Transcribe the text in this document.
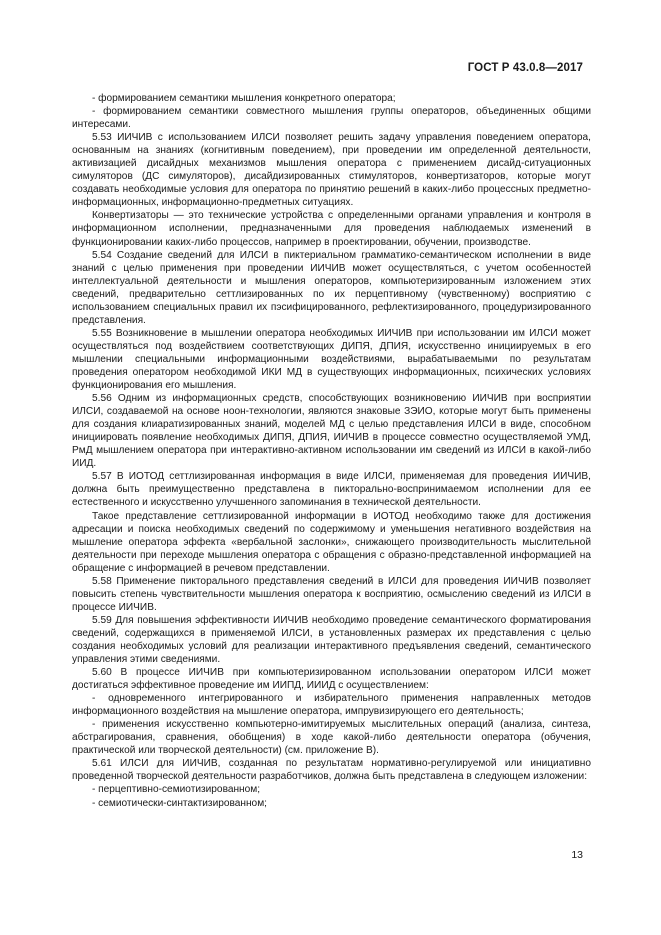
ГОСТ Р 43.0.8—2017

- формированием семантики мышления конкретного оператора;

- формированием семантики совместного мышления группы операторов, объединенных общими интересами.

5.53 ИИЧИВ с использованием ИЛСИ позволяет решить задачу управления поведением оператора, основанным на знаниях (когнитивным поведением), при проведении им определенной деятельности, активизацией дисайдных механизмов мышления оператора с применением дисайд-ситуационных симуляторов (ДС симуляторов), дисайдизированных стимуляторов, конвертизаторов, которые могут создавать необходимые условия для оператора по принятию решений в каких-либо процессных предметно-информационных, информационно-предметных ситуациях.

Конвертизаторы — это технические устройства с определенными органами управления и контроля в информационном исполнении, предназначенными для проведения наблюдаемых изменений в функционировании каких-либо процессов, например в проектировании, обучении, производстве.

5.54 Создание сведений для ИЛСИ в пиктериальном грамматико-семантическом исполнении в виде знаний с целью применения при проведении ИИЧИВ может осуществляться, с учетом особенностей интеллектуальной деятельности и мышления операторов, компьютеризированным изложением этих сведений, предварительно сеттлизированных по их перцептивному (чувственному) восприятию с использованием специальных правил их пэсифицированного, рефлектизированного, процедуризированного представления.

5.55 Возникновение в мышлении оператора необходимых ИИЧИВ при использовании им ИЛСИ может осуществляться под воздействием соответствующих ДИПЯ, ДПИЯ, искусственно инициируемых в его мышлении специальными информационными воздействиями, вырабатываемыми по результатам проведения оператором необходимой ИКИ МД в существующих информационных, психических условиях функционирования его мышления.

5.56 Одним из информационных средств, способствующих возникновению ИИЧИВ при восприятии ИЛСИ, создаваемой на основе ноон-технологии, являются знаковые ЗЭИО, которые могут быть применены для создания клиаратизированных знаний, моделей МД с целью представления ИЛСИ в виде, способном инициировать появление необходимых ДИПЯ, ДПИЯ, ИИЧИВ в процессе совместно осуществляемой УМД, РмД мышлением оператора при интерактивно-активном использовании им сведений из ИЛСИ в какой-либо ИИД.

5.57 В ИОТОД сеттлизированная информация в виде ИЛСИ, применяемая для проведения ИИЧИВ, должна быть преимущественно представлена в пикторально-воспринимаемом исполнении для ее естественного и искусственно улучшенного запоминания в технической деятельности.

Такое представление сеттлизированной информации в ИОТОД необходимо также для достижения адресации и поиска необходимых сведений по содержимому и уменьшения негативного воздействия на мышление оператора эффекта «вербальной заслонки», снижающего производительность мыслительной деятельности при переходе мышления оператора с обращения с образно-представленной информацией на обращение с информацией в речевом представлении.

5.58 Применение пикторального представления сведений в ИЛСИ для проведения ИИЧИВ позволяет повысить степень чувствительности мышления оператора к восприятию, осмыслению сведений из ИЛСИ в процессе ИИЧИВ.

5.59 Для повышения эффективности ИИЧИВ необходимо проведение семантического форматирования сведений, содержащихся в применяемой ИЛСИ, в установленных размерах их представления с целью создания необходимых условий для реализации интерактивного предъявления сведений, семантического управления этими сведениями.

5.60 В процессе ИИЧИВ при компьютеризированном использовании оператором ИЛСИ может достигаться эффективное проведение им ИИПД, ИИИД с осуществлением:

- одновременного интегрированного и избирательного применения направленных методов информационного воздействия на мышление оператора, импрувизирующего его деятельность;

- применения искусственно компьютерно-имитируемых мыслительных операций (анализа, синтеза, абстрагирования, сравнения, обобщения) в ходе какой-либо деятельности оператора (обучения, практической или творческой деятельности) (см. приложение В).

5.61 ИЛСИ для ИИЧИВ, созданная по результатам нормативно-регулируемой или инициативно проведенной творческой деятельности разработчиков, должна быть представлена в следующем изложении:

- перцептивно-семиотизированном;

- семиотически-синтактизированном;

13
